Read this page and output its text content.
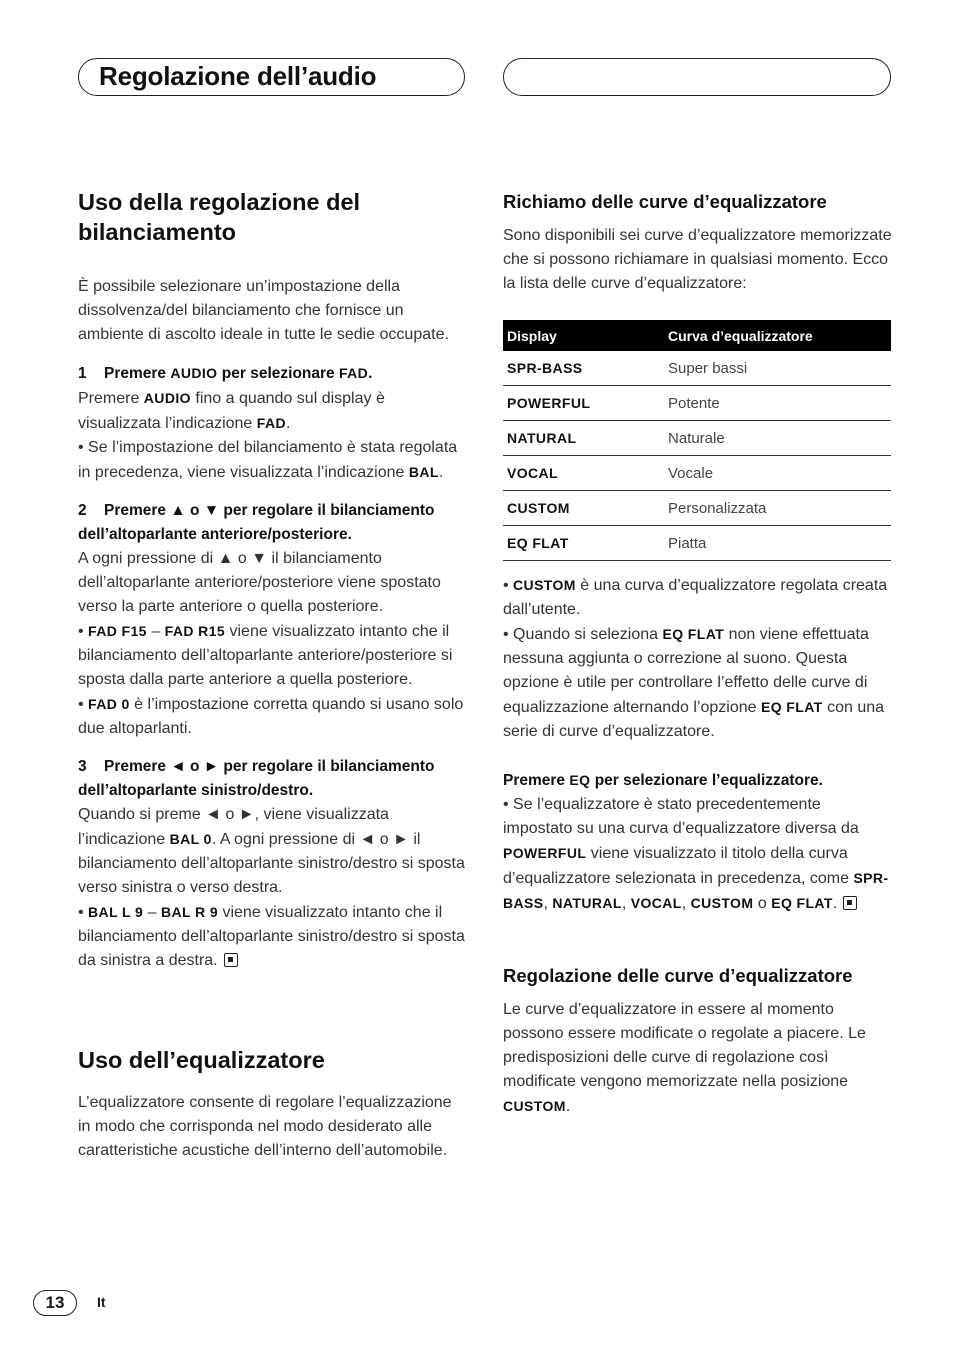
Regolazione dell’audio
Uso della regolazione del
bilanciamento

È possibile selezionare un’impostazione della dissolvenza/del bilanciamento che fornisce un ambiente di ascolto ideale in tutte le sedie occupate.

1 Premere AUDIO per selezionare FAD.

Premere AUDIO fino a quando sul display è visualizzata l’indicazione FAD.

• Se l’impostazione del bilanciamento è stata regolata in precedenza, viene visualizzata l’indicazione BAL.

2 Premere ▲ o ▼ per regolare il bilanciamento dell’altoparlante anteriore/posteriore.

A ogni pressione di ▲ o ▼ il bilanciamento dell’altoparlante anteriore/posteriore viene spostato verso la parte anteriore o quella posteriore.

• FAD F15 – FAD R15 viene visualizzato intanto che il bilanciamento dell’altoparlante anteriore/posteriore si sposta dalla parte anteriore a quella posteriore.

• FAD 0 è l’impostazione corretta quando si usano solo due altoparlanti.

3 Premere ◄ o ► per regolare il bilanciamento dell’altoparlante sinistro/destro.

Quando si preme ◄ o ►, viene visualizzata l’indicazione BAL 0. A ogni pressione di ◄ o ► il bilanciamento dell’altoparlante sinistro/destro si sposta verso sinistra o verso destra.

• BAL L 9 – BAL R 9 viene visualizzato intanto che il bilanciamento dell’altoparlante sinistro/destro si sposta da sinistra a destra.

Uso dell’equalizzatore

L’equalizzatore consente di regolare l’equalizzazione in modo che corrisponda nel modo desiderato alle caratteristiche acustiche dell’interno dell’automobile.

Richiamo delle curve d’equalizzatore

Sono disponibili sei curve d’equalizzatore memorizzate che si possono richiamare in qualsiasi momento. Ecco la lista delle curve d’equalizzatore:

Display	Curva d’equalizzatore
SPR-BASS	Super bassi
POWERFUL	Potente
NATURAL	Naturale
VOCAL	Vocale
CUSTOM	Personalizzata
EQ FLAT	Piatta

• CUSTOM è una curva d’equalizzatore regolata creata dall’utente.

• Quando si seleziona EQ FLAT non viene effettuata nessuna aggiunta o correzione al suono. Questa opzione è utile per controllare l’effetto delle curve di equalizzazione alternando l’opzione EQ FLAT con una serie di curve d’equalizzatore.

Premere EQ per selezionare l’equalizzatore.

• Se l’equalizzatore è stato precedentemente impostato su una curva d’equalizzatore diversa da POWERFUL viene visualizzato il titolo della curva d’equalizzatore selezionata in precedenza, come SPR-BASS, NATURAL, VOCAL, CUSTOM o EQ FLAT.

Regolazione delle curve d’equalizzatore

Le curve d’equalizzatore in essere al momento possono essere modificate o regolate a piacere. Le predisposizioni delle curve di regolazione così modificate vengono memorizzate nella posizione CUSTOM.

13	It
